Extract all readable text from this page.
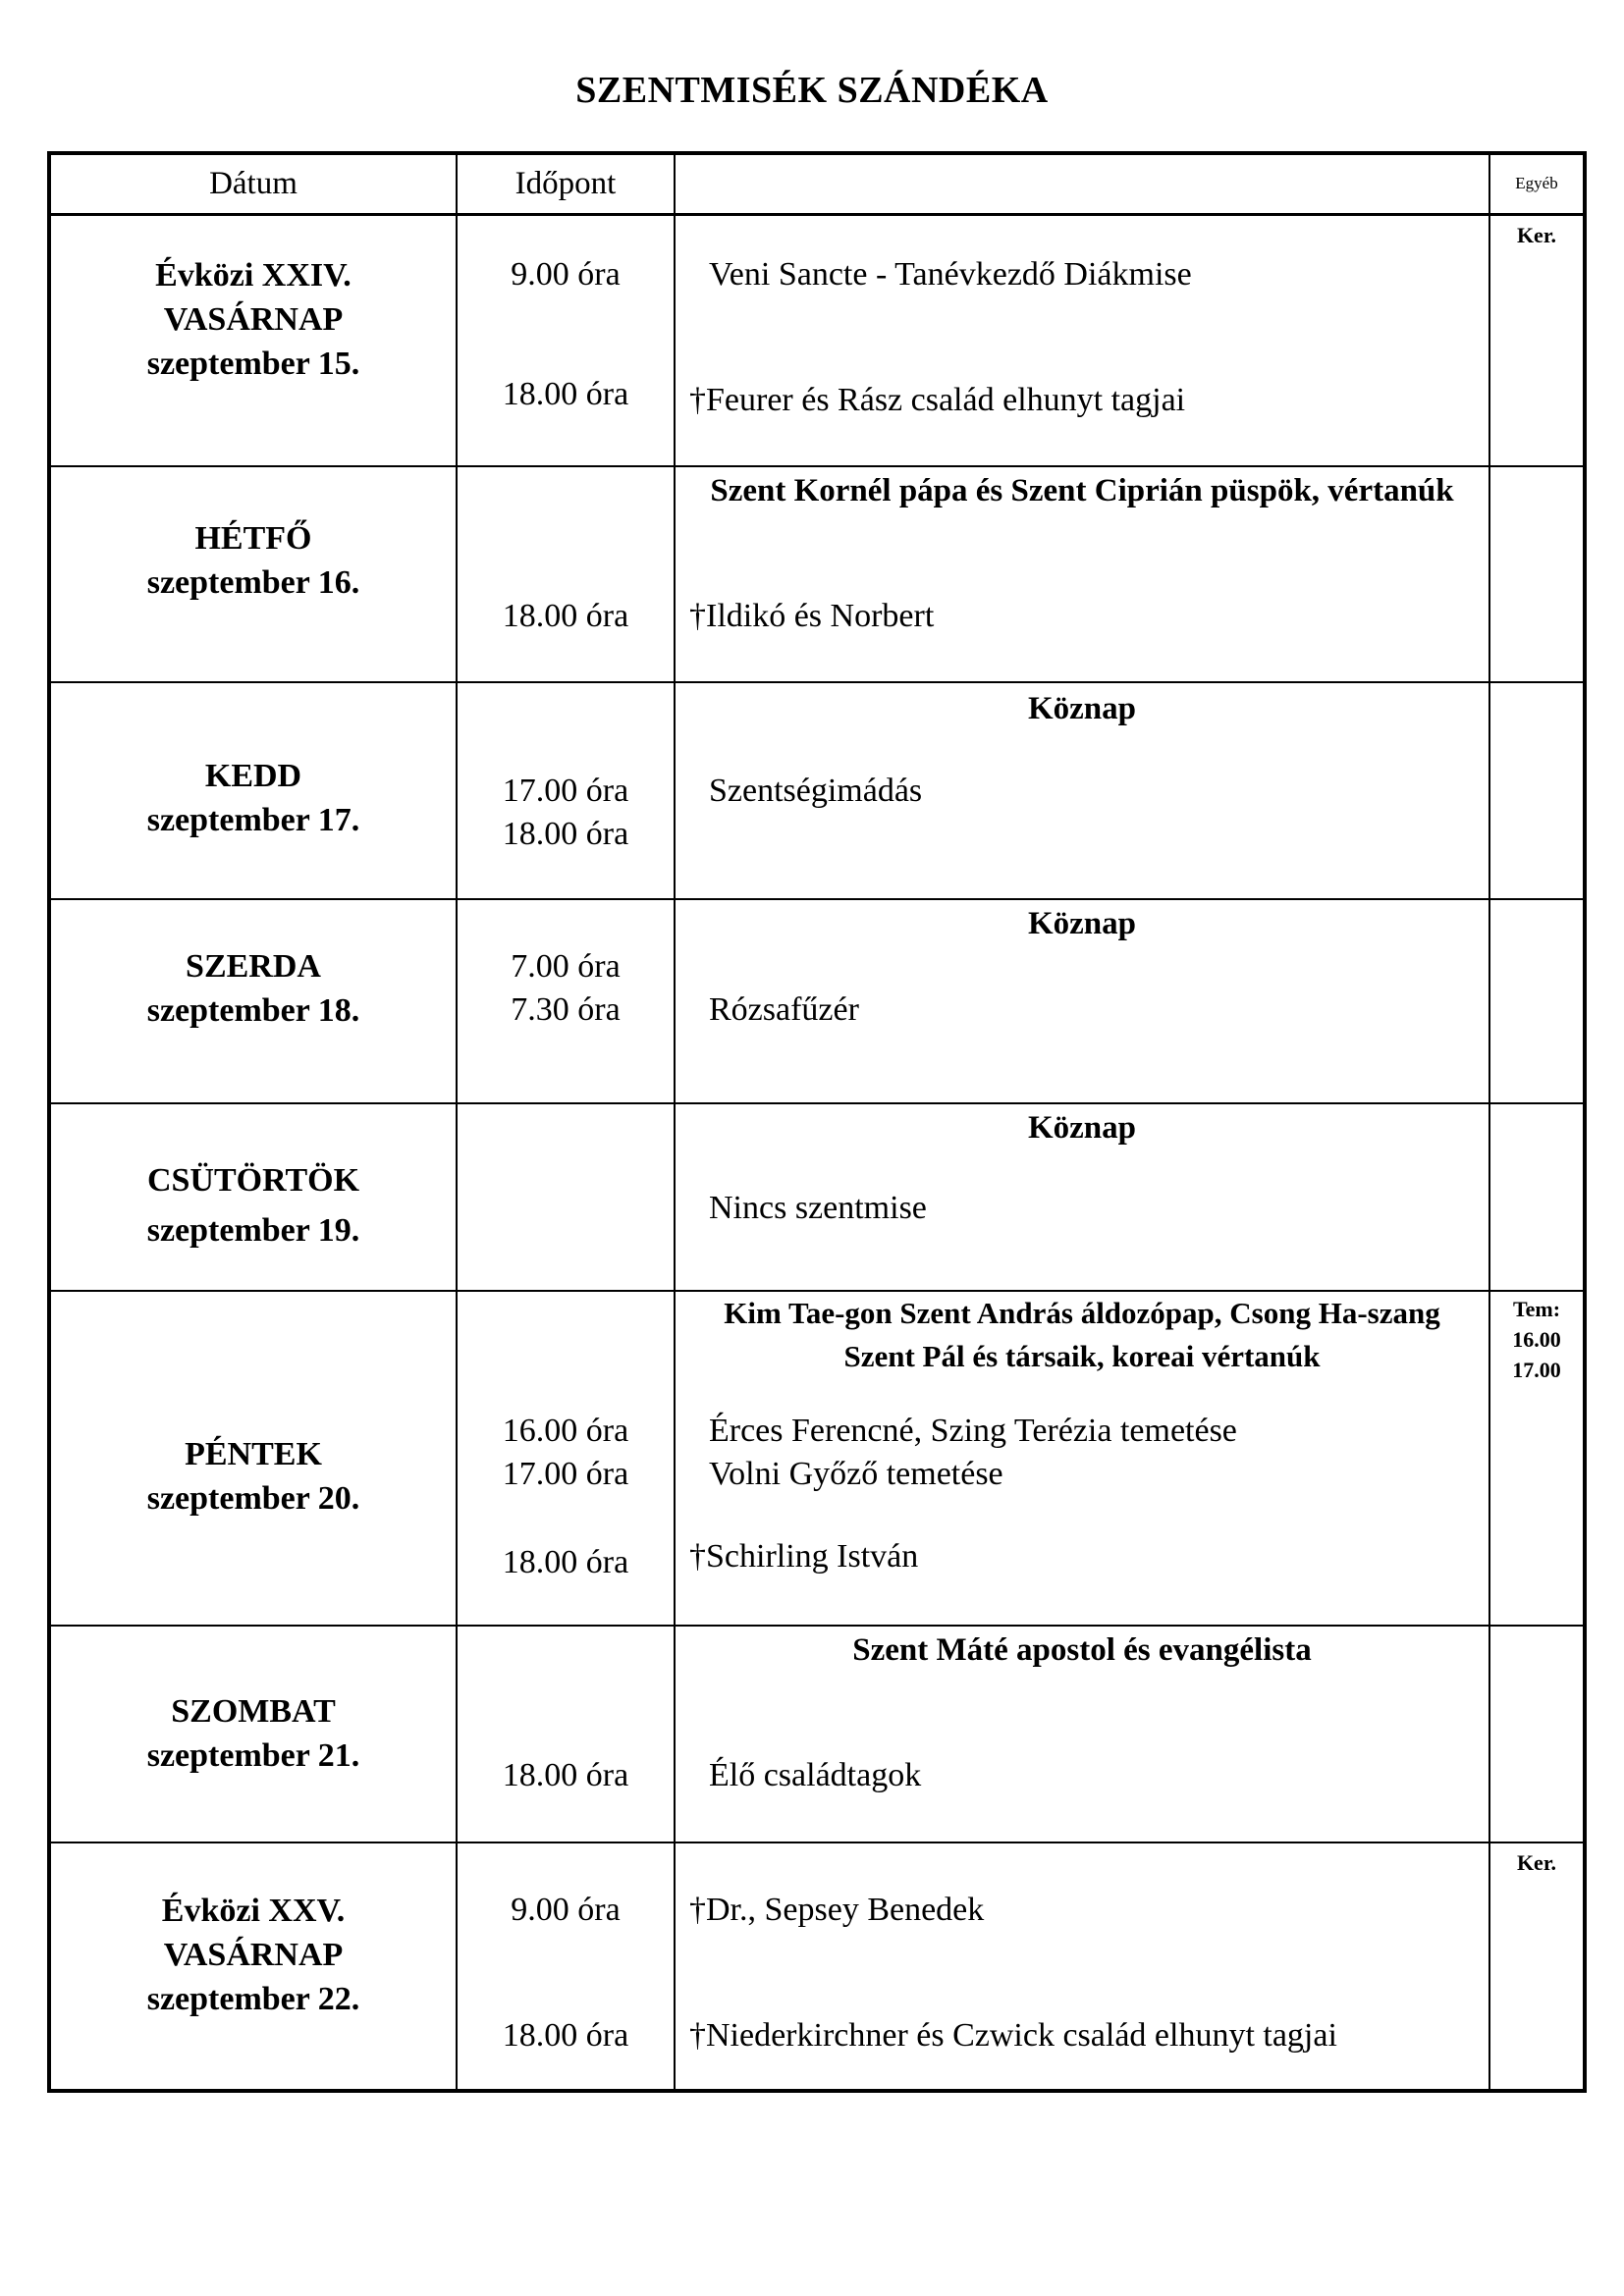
SZENTMISÉK SZÁNDÉKA
Dátum	Időpont	Egyéb
Évközi XXIV.
VASÁRNAP
szeptember 15.
9.00 óra
18.00 óra
Veni Sancte - Tanévkezdő Diákmise
†Feurer és Rász család elhunyt tagjai
Ker.
HÉTFŐ
szeptember 16.
18.00 óra
Szent Kornél pápa és Szent Ciprián püspök, vértanúk
†Ildikó és Norbert
KEDD
szeptember 17.
17.00 óra
18.00 óra
Köznap
Szentségimádás
SZERDA
szeptember 18.
7.00 óra
7.30 óra
Köznap
Rózsafűzér
CSÜTÖRTÖK
szeptember 19.
Köznap
Nincs szentmise
PÉNTEK
szeptember 20.
16.00 óra
17.00 óra
18.00 óra
Kim Tae-gon Szent András áldozópap, Csong Ha-szang Szent Pál és társaik, koreai vértanúk
Érces Ferencné, Szing Terézia temetése
Volni Győző temetése
†Schirling István
Tem:
16.00
17.00
SZOMBAT
szeptember 21.
18.00 óra
Szent Máté apostol és evangélista
Élő családtagok
Évközi XXV.
VASÁRNAP
szeptember 22.
9.00 óra
18.00 óra
†Dr., Sepsey Benedek
†Niederkirchner és Czwick család elhunyt tagjai
Ker.
